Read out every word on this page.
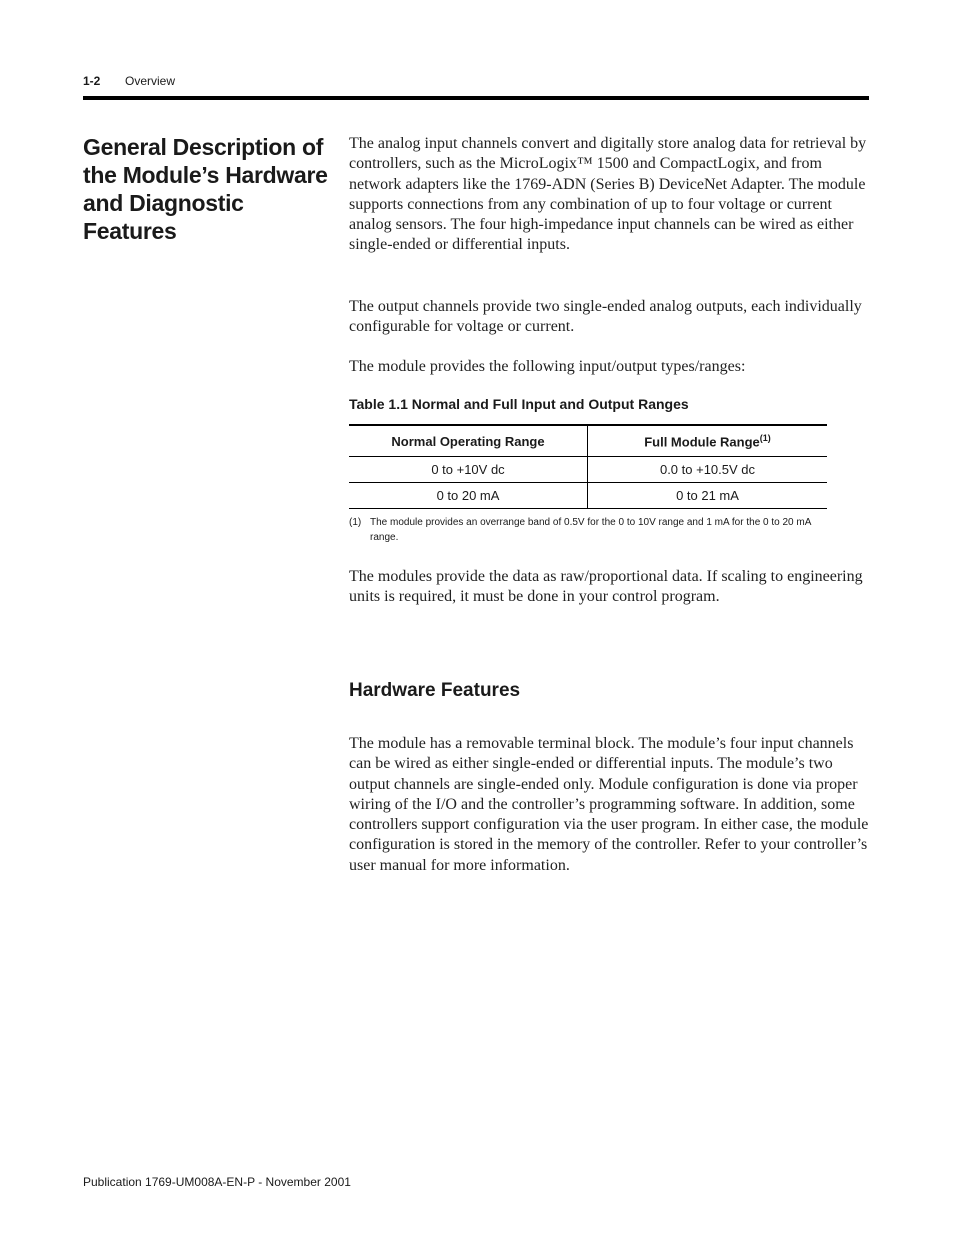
1-2 Overview
General Description of the Module’s Hardware and Diagnostic Features

The analog input channels convert and digitally store analog data for retrieval by controllers, such as the MicroLogix™ 1500 and CompactLogix, and from network adapters like the 1769-ADN (Series B) DeviceNet Adapter. The module supports connections from any combination of up to four voltage or current analog sensors. The four high-impedance input channels can be wired as either single-ended or differential inputs.

The output channels provide two single-ended analog outputs, each individually configurable for voltage or current.

The module provides the following input/output types/ranges:

Table 1.1 Normal and Full Input and Output Ranges
Normal Operating Range	Full Module Range$^{(1)}$
0 to +10V dc	0.0 to +10.5V dc
0 to 20 mA	0 to 21 mA
(1) The module provides an overrange band of 0.5V for the 0 to 10V range and 1 mA for the 0 to 20 mA range.

The modules provide the data as raw/proportional data. If scaling to engineering units is required, it must be done in your control program.

Hardware Features

The module has a removable terminal block. The module’s four input channels can be wired as either single-ended or differential inputs. The module’s two output channels are single-ended only. Module configuration is done via proper wiring of the I/O and the controller’s programming software. In addition, some controllers support configuration via the user program. In either case, the module configuration is stored in the memory of the controller. Refer to your controller’s user manual for more information.

Publication 1769-UM008A-EN-P - November 2001
